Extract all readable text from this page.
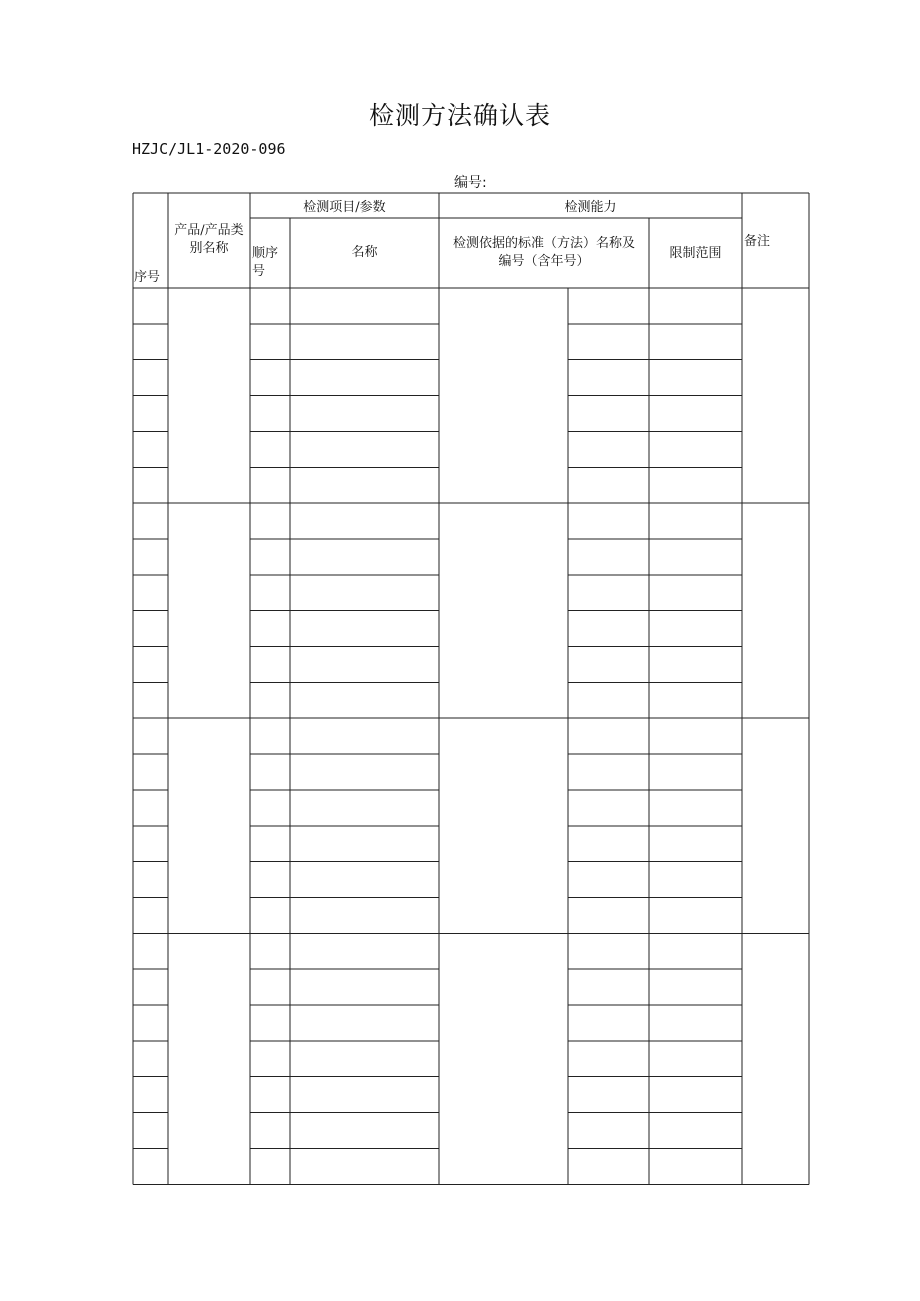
检测方法确认表
HZJC/JL1-2020-096
编号:
序号
产品/产品类
别名称
检测项目/参数
顺序
号
名称
检测能力
检测依据的标准（方法）名称及
编号（含年号）
限制范围
备注
